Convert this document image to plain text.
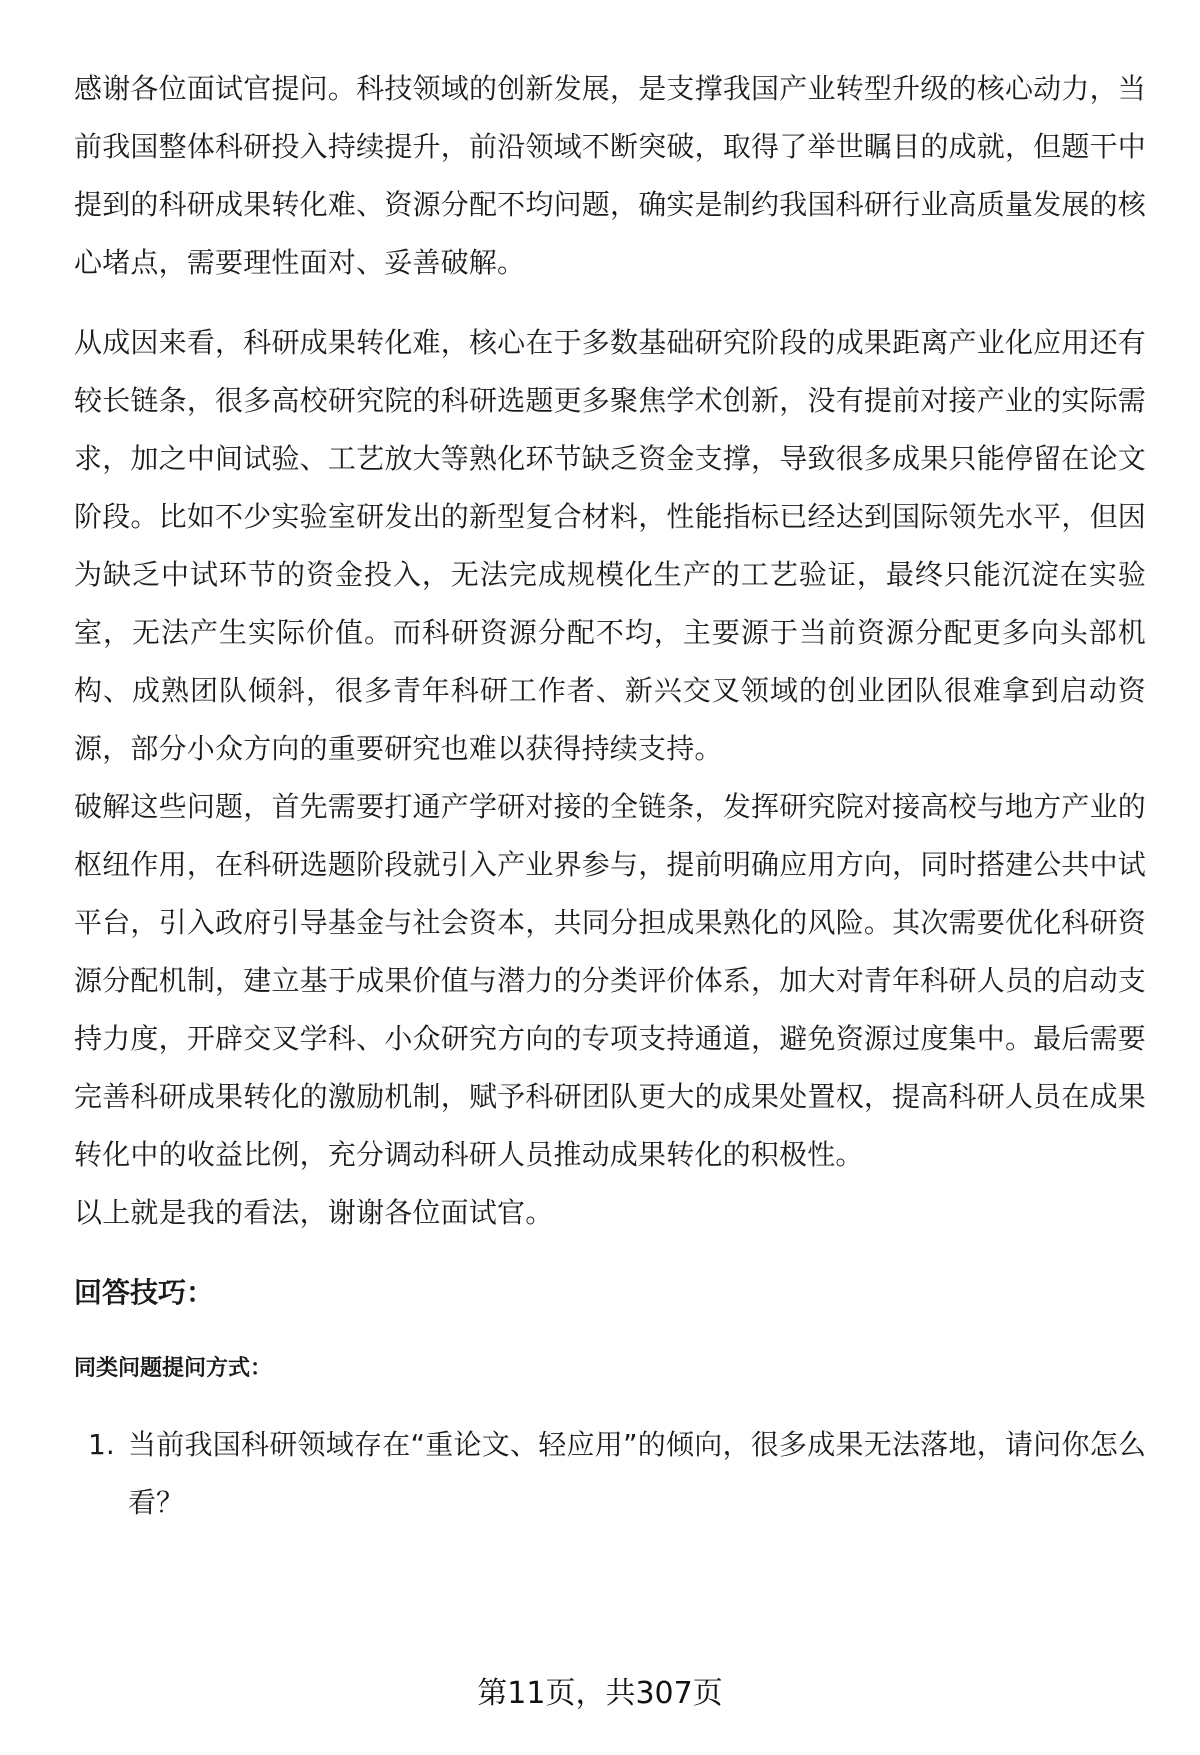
感谢各位面试官提问。科技领域的创新发展，是支撑我国产业转型升级的核心动力，当前我国整体科研投入持续提升，前沿领域不断突破，取得了举世瞩目的成就，但题干中提到的科研成果转化难、资源分配不均问题，确实是制约我国科研行业高质量发展的核心堵点，需要理性面对、妥善破解。

从成因来看，科研成果转化难，核心在于多数基础研究阶段的成果距离产业化应用还有较长链条，很多高校研究院的科研选题更多聚焦学术创新，没有提前对接产业的实际需求，加之中间试验、工艺放大等熟化环节缺乏资金支撑，导致很多成果只能停留在论文阶段。比如不少实验室研发出的新型复合材料，性能指标已经达到国际领先水平，但因为缺乏中试环节的资金投入，无法完成规模化生产的工艺验证，最终只能沉淀在实验室，无法产生实际价值。而科研资源分配不均，主要源于当前资源分配更多向头部机构、成熟团队倾斜，很多青年科研工作者、新兴交叉领域的创业团队很难拿到启动资源，部分小众方向的重要研究也难以获得持续支持。

破解这些问题，首先需要打通产学研对接的全链条，发挥研究院对接高校与地方产业的枢纽作用，在科研选题阶段就引入产业界参与，提前明确应用方向，同时搭建公共中试平台，引入政府引导基金与社会资本，共同分担成果熟化的风险。其次需要优化科研资源分配机制，建立基于成果价值与潜力的分类评价体系，加大对青年科研人员的启动支持力度，开辟交叉学科、小众研究方向的专项支持通道，避免资源过度集中。最后需要完善科研成果转化的激励机制，赋予科研团队更大的成果处置权，提高科研人员在成果转化中的收益比例，充分调动科研人员推动成果转化的积极性。

以上就是我的看法，谢谢各位面试官。

回答技巧：

同类问题提问方式：

1. 当前我国科研领域存在“重论文、轻应用”的倾向，很多成果无法落地，请问你怎么看？
第11页，共307页
